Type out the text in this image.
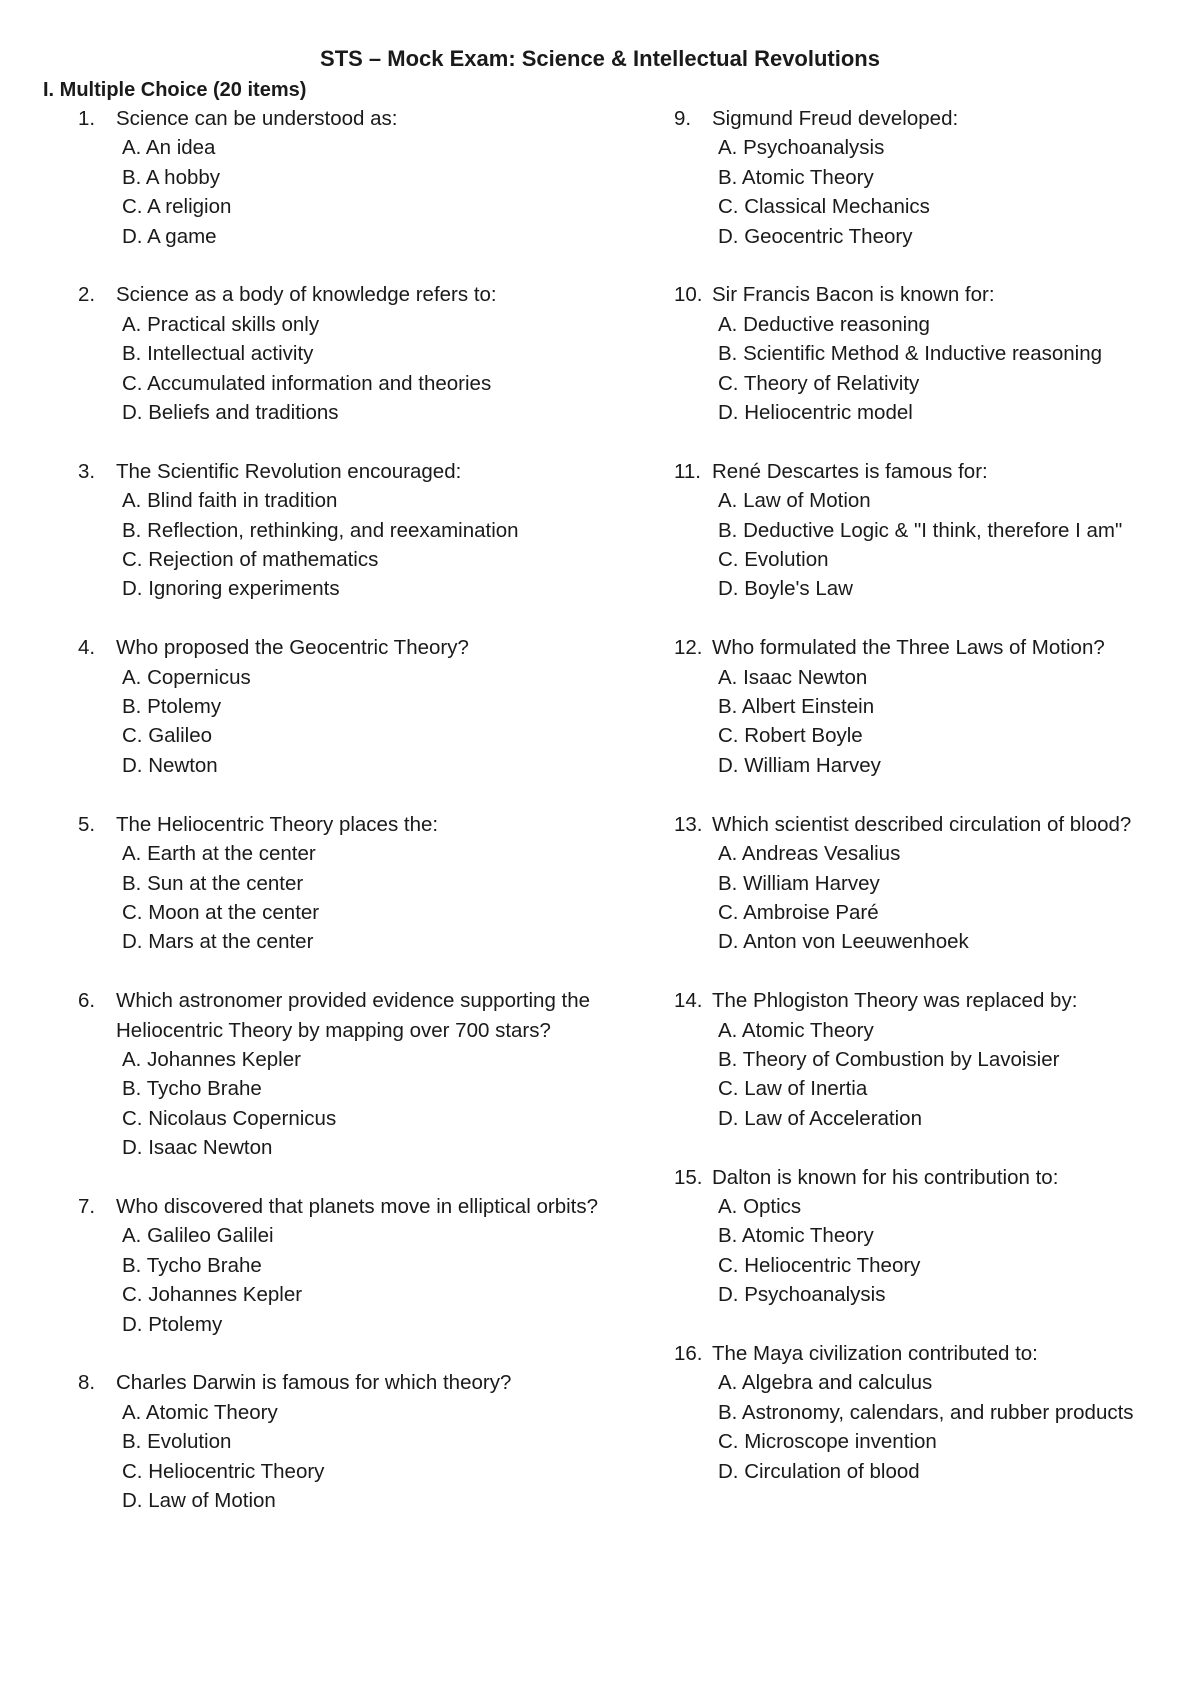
STS – Mock Exam: Science & Intellectual Revolutions
I. Multiple Choice (20 items)
1. Science can be understood as:
A. An idea
B. A hobby
C. A religion
D. A game
2. Science as a body of knowledge refers to:
A. Practical skills only
B. Intellectual activity
C. Accumulated information and theories
D. Beliefs and traditions
3. The Scientific Revolution encouraged:
A. Blind faith in tradition
B. Reflection, rethinking, and reexamination
C. Rejection of mathematics
D. Ignoring experiments
4. Who proposed the Geocentric Theory?
A. Copernicus
B. Ptolemy
C. Galileo
D. Newton
5. The Heliocentric Theory places the:
A. Earth at the center
B. Sun at the center
C. Moon at the center
D. Mars at the center
6. Which astronomer provided evidence supporting the Heliocentric Theory by mapping over 700 stars?
A. Johannes Kepler
B. Tycho Brahe
C. Nicolaus Copernicus
D. Isaac Newton
7. Who discovered that planets move in elliptical orbits?
A. Galileo Galilei
B. Tycho Brahe
C. Johannes Kepler
D. Ptolemy
8. Charles Darwin is famous for which theory?
A. Atomic Theory
B. Evolution
C. Heliocentric Theory
D. Law of Motion
9. Sigmund Freud developed:
A. Psychoanalysis
B. Atomic Theory
C. Classical Mechanics
D. Geocentric Theory
10. Sir Francis Bacon is known for:
A. Deductive reasoning
B. Scientific Method & Inductive reasoning
C. Theory of Relativity
D. Heliocentric model
11. René Descartes is famous for:
A. Law of Motion
B. Deductive Logic & "I think, therefore I am"
C. Evolution
D. Boyle's Law
12. Who formulated the Three Laws of Motion?
A. Isaac Newton
B. Albert Einstein
C. Robert Boyle
D. William Harvey
13. Which scientist described circulation of blood?
A. Andreas Vesalius
B. William Harvey
C. Ambroise Paré
D. Anton von Leeuwenhoek
14. The Phlogiston Theory was replaced by:
A. Atomic Theory
B. Theory of Combustion by Lavoisier
C. Law of Inertia
D. Law of Acceleration
15. Dalton is known for his contribution to:
A. Optics
B. Atomic Theory
C. Heliocentric Theory
D. Psychoanalysis
16. The Maya civilization contributed to:
A. Algebra and calculus
B. Astronomy, calendars, and rubber products
C. Microscope invention
D. Circulation of blood
